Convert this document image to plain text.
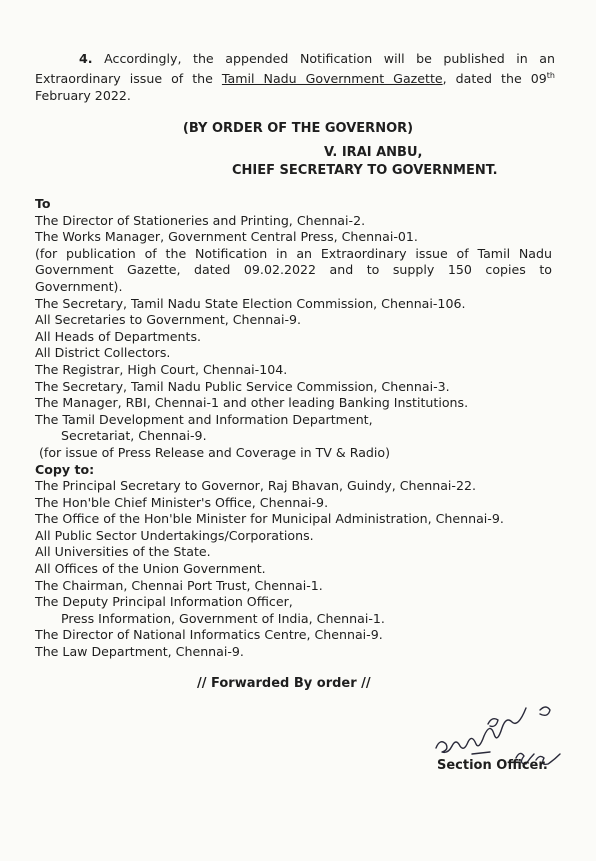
4. Accordingly, the appended Notification will be published in an Extraordinary issue of the Tamil Nadu Government Gazette, dated the 09th February 2022.
(BY ORDER OF THE GOVERNOR)
V. IRAI ANBU,
CHIEF SECRETARY TO GOVERNMENT.
To
The Director of Stationeries and Printing, Chennai-2.
The Works Manager, Government Central Press, Chennai-01.
(for publication of the Notification in an Extraordinary issue of Tamil Nadu Government Gazette, dated 09.02.2022 and to supply 150 copies to Government).
The Secretary, Tamil Nadu State Election Commission, Chennai-106.
All Secretaries to Government, Chennai-9.
All Heads of Departments.
All District Collectors.
The Registrar, High Court, Chennai-104.
The Secretary, Tamil Nadu Public Service Commission, Chennai-3.
The Manager, RBI, Chennai-1 and other leading Banking Institutions.
The Tamil Development and Information Department,
Secretariat, Chennai-9.
(for issue of Press Release and Coverage in TV & Radio)
Copy to:
The Principal Secretary to Governor, Raj Bhavan, Guindy, Chennai-22.
The Hon'ble Chief Minister's Office, Chennai-9.
The Office of the Hon'ble Minister for Municipal Administration, Chennai-9.
All Public Sector Undertakings/Corporations.
All Universities of the State.
All Offices of the Union Government.
The Chairman, Chennai Port Trust, Chennai-1.
The Deputy Principal Information Officer,
Press Information, Government of India, Chennai-1.
The Director of National Informatics Centre, Chennai-9.
The Law Department, Chennai-9.
// Forwarded By order //
Section Officer.
